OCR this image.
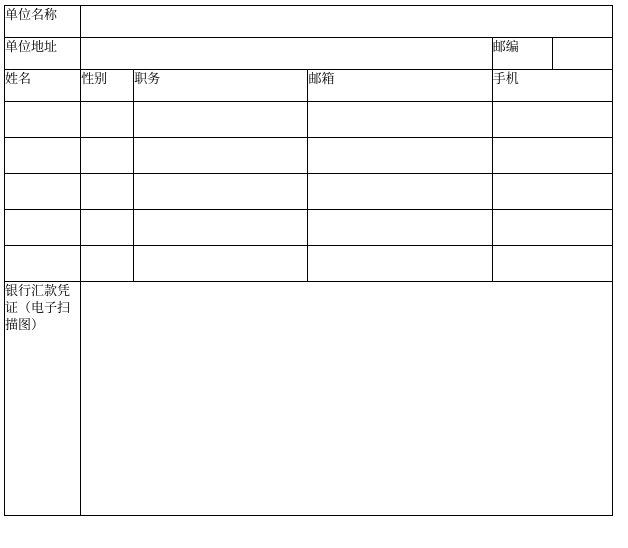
单位名称					
单位地址				邮编	
姓名	性别	职务	邮箱	手机	

银行汇款凭证（电子扫描图）					
